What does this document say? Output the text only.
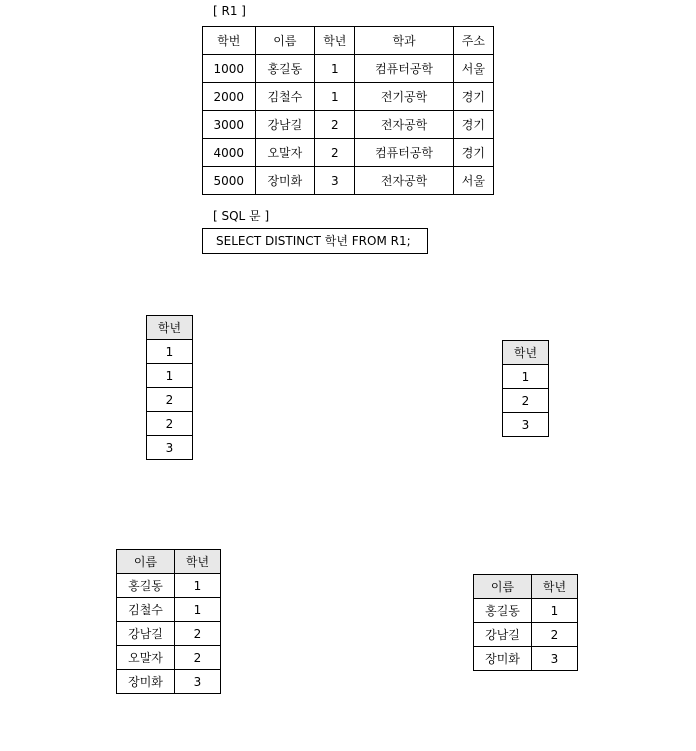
[ R1 ]
학번	이름	학년	학과	주소
1000	홍길동	1	컴퓨터공학	서울
2000	김철수	1	전기공학	경기
3000	강남길	2	전자공학	경기
4000	오말자	2	컴퓨터공학	경기
5000	장미화	3	전자공학	서울
[ SQL 문 ]
SELECT DISTINCT 학년 FROM R1;
학년
1
1
2
2
3
학년
1
2
3
이름	학년
홍길동	1
김철수	1
강남길	2
오말자	2
장미화	3
이름	학년
홍길동	1
강남길	2
장미화	3
